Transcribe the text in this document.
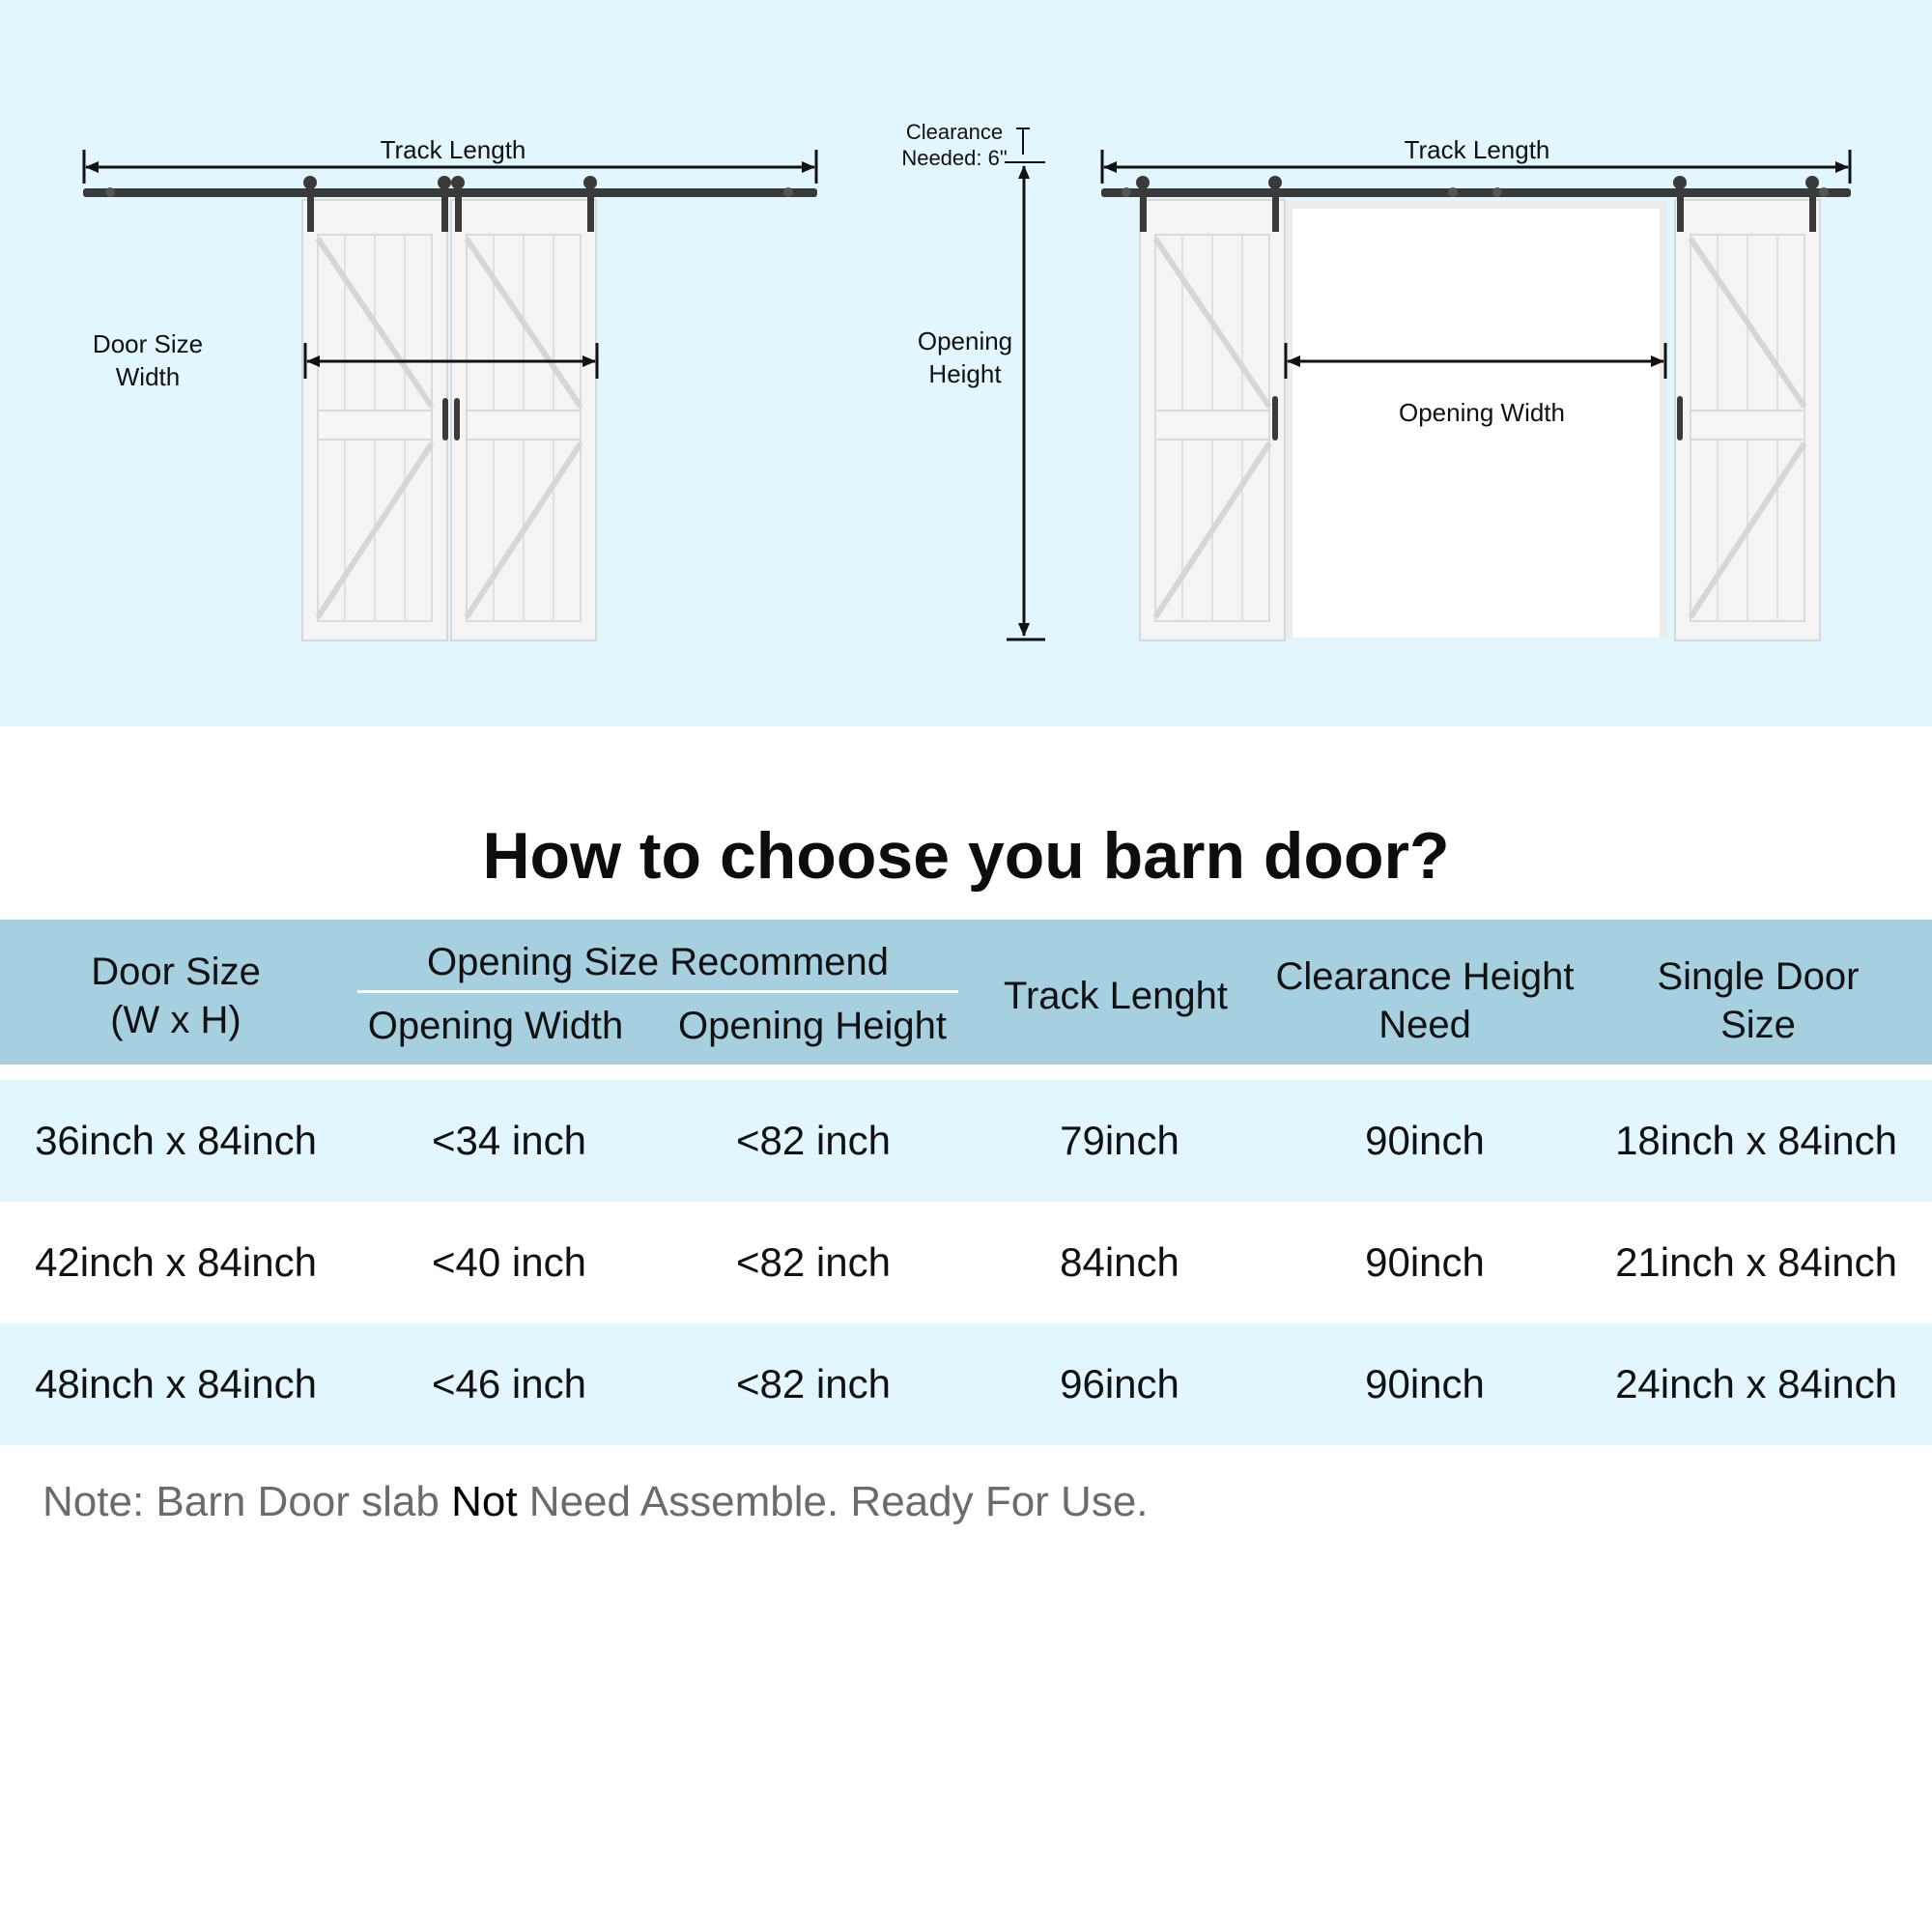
Track Length
Door Size
Width
Clearance
Needed: 6"
Opening
Height
Track Length
Opening Width
How to choose you barn door?
Door Size
(W x H)
Opening Size Recommend
Opening Width	Opening Height
Track Lenght	Clearance Height
Need
Single Door
Size
36inch x 84inch	<34 inch	<82 inch	79inch	90inch	18inch x 84inch
42inch x 84inch	<40 inch	<82 inch	84inch	90inch	21inch x 84inch
48inch x 84inch	<46 inch	<82 inch	96inch	90inch	24inch x 84inch
Note: Barn Door slab Not Need Assemble. Ready For Use.
